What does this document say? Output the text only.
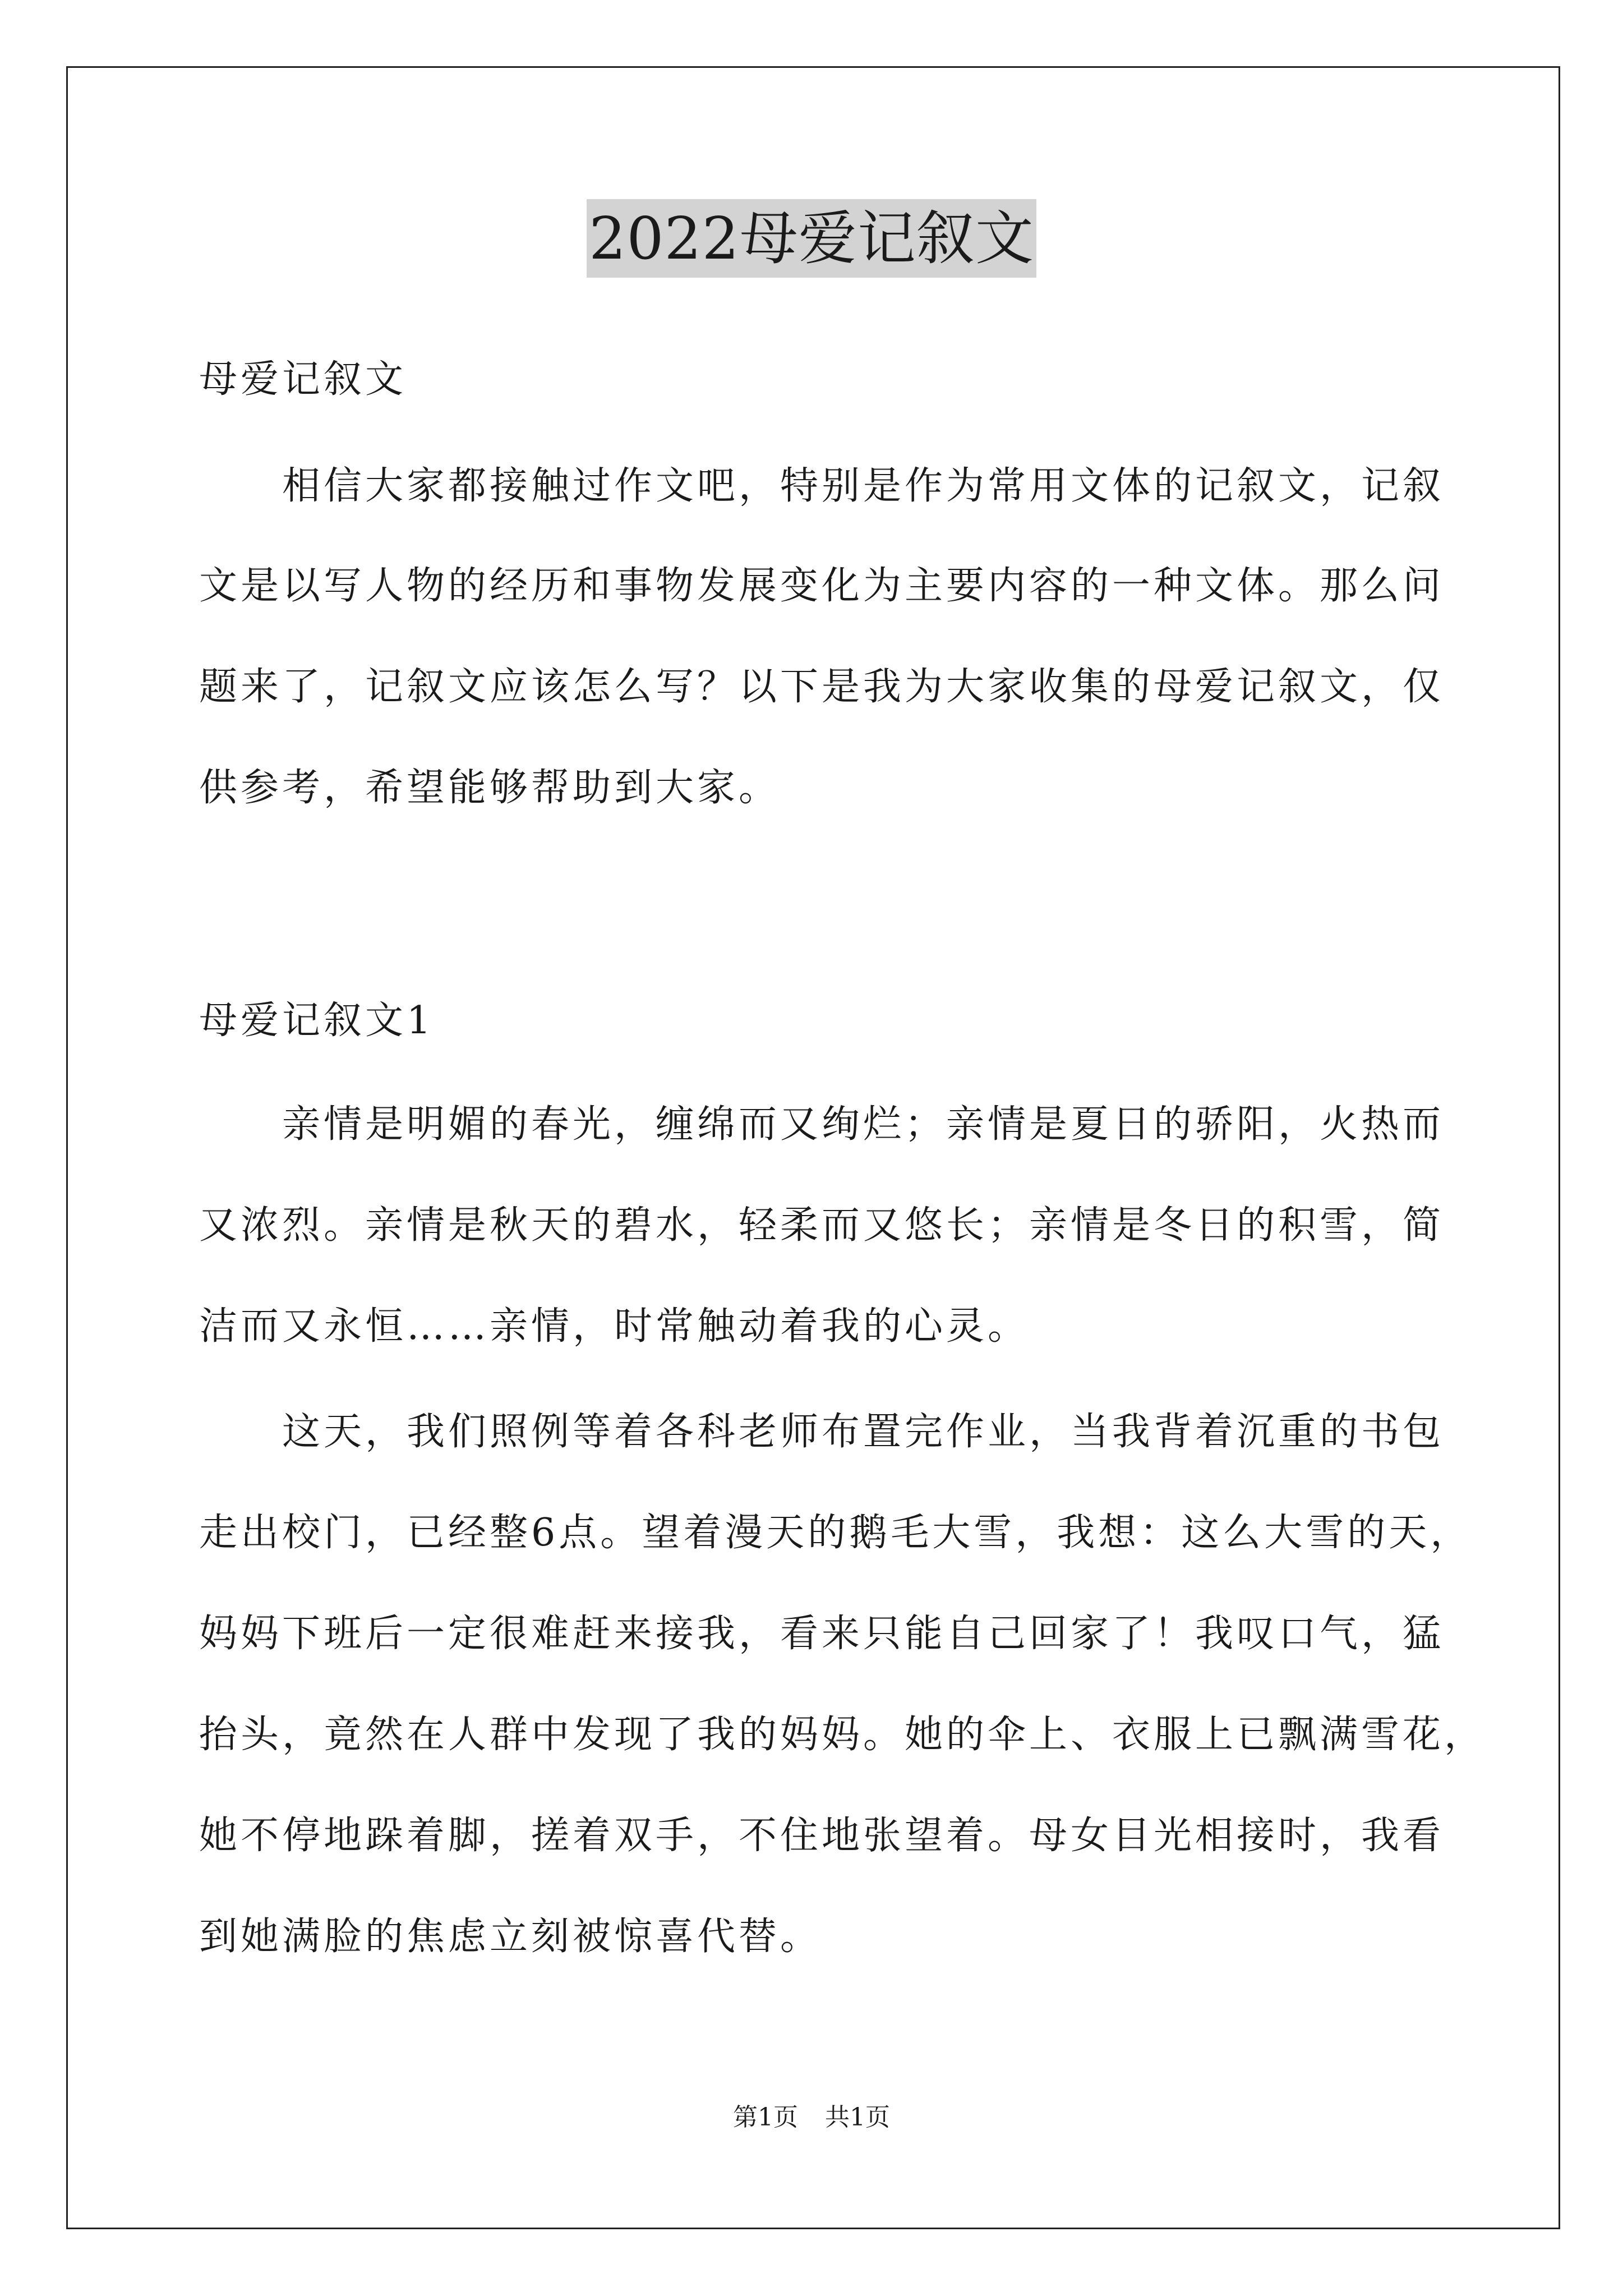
2022母爱记叙文
母爱记叙文
相信大家都接触过作文吧，特别是作为常用文体的记叙文，记叙
文是以写人物的经历和事物发展变化为主要内容的一种文体。那么问
题来了，记叙文应该怎么写？以下是我为大家收集的母爱记叙文，仅
供参考，希望能够帮助到大家。
母爱记叙文1
亲情是明媚的春光，缠绵而又绚烂；亲情是夏日的骄阳，火热而
又浓烈。亲情是秋天的碧水，轻柔而又悠长；亲情是冬日的积雪，简
洁而又永恒……亲情，时常触动着我的心灵。
这天，我们照例等着各科老师布置完作业，当我背着沉重的书包
走出校门，已经整6点。望着漫天的鹅毛大雪，我想：这么大雪的天，
妈妈下班后一定很难赶来接我，看来只能自己回家了！我叹口气，猛
抬头，竟然在人群中发现了我的妈妈。她的伞上、衣服上已飘满雪花，
她不停地跺着脚，搓着双手，不住地张望着。母女目光相接时，我看
到她满脸的焦虑立刻被惊喜代替。
第1页 共1页
